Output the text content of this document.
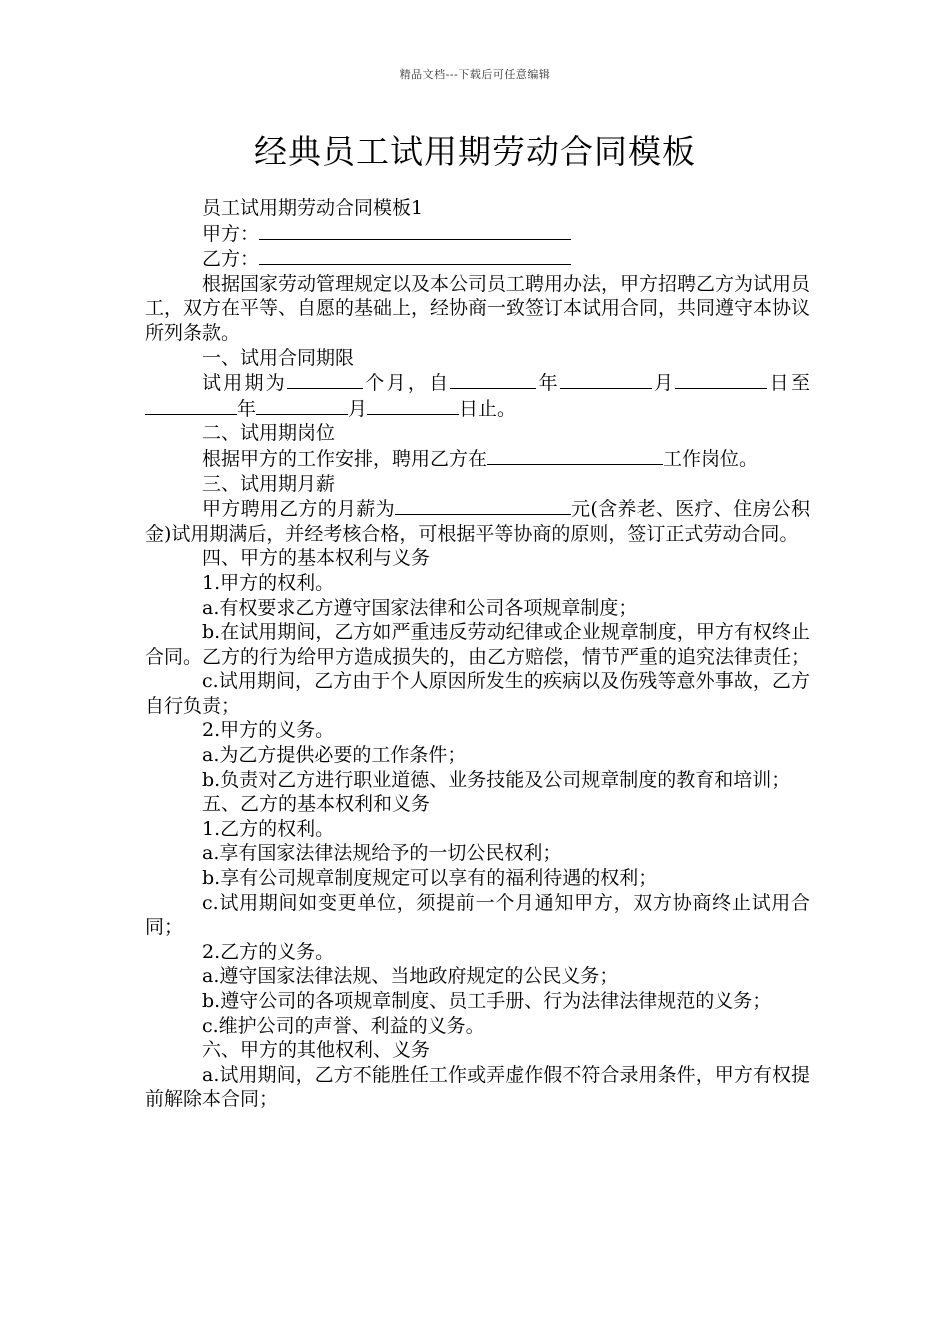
精品文档---下载后可任意编辑
经典员工试用期劳动合同模板

员工试用期劳动合同模板1

甲方：

乙方：

根据国家劳动管理规定以及本公司员工聘用办法，甲方招聘乙方为试用员工，双方在平等、自愿的基础上，经协商一致签订本试用合同，共同遵守本协议所列条款。

一、试用合同期限

试用期为	个月，自	年	月	日至年	月	日止。

二、试用期岗位

根据甲方的工作安排，聘用乙方在	工作岗位。

三、试用期月薪

甲方聘用乙方的月薪为	元(含养老、医疗、住房公积金)试用期满后，并经考核合格，可根据平等协商的原则，签订正式劳动合同。

四、甲方的基本权利与义务

1.甲方的权利。

a.有权要求乙方遵守国家法律和公司各项规章制度；

b.在试用期间，乙方如严重违反劳动纪律或企业规章制度，甲方有权终止合同。乙方的行为给甲方造成损失的，由乙方赔偿，情节严重的追究法律责任；

c.试用期间，乙方由于个人原因所发生的疾病以及伤残等意外事故，乙方自行负责；

2.甲方的义务。

a.为乙方提供必要的工作条件；

b.负责对乙方进行职业道德、业务技能及公司规章制度的教育和培训；

五、乙方的基本权利和义务

1.乙方的权利。

a.享有国家法律法规给予的一切公民权利；

b.享有公司规章制度规定可以享有的福利待遇的权利；

c.试用期间如变更单位，须提前一个月通知甲方，双方协商终止试用合同；

2.乙方的义务。

a.遵守国家法律法规、当地政府规定的公民义务；

b.遵守公司的各项规章制度、员工手册、行为法律法律规范的义务；

c.维护公司的声誉、利益的义务。

六、甲方的其他权利、义务

a.试用期间，乙方不能胜任工作或弄虚作假不符合录用条件，甲方有权提前解除本合同；
